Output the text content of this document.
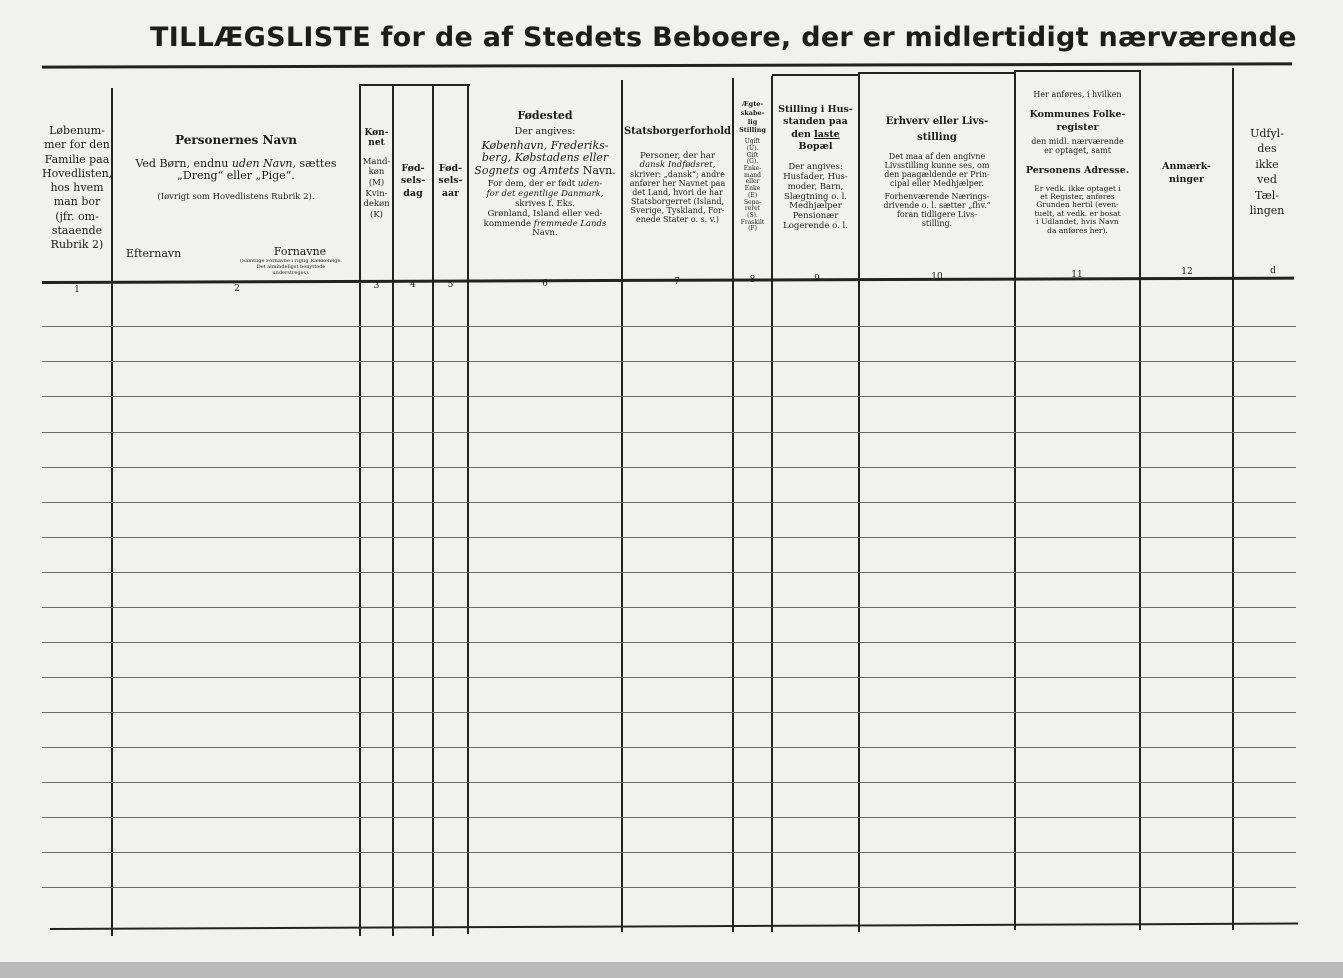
TILLÆGSLISTE for de af Stedets Beboere, der er midlertidigt nærværende
Løbenum-
mer for den
Familie paa
Hovedlisten,
hos hvem
man bor
(jfr. om-
staaende
Rubrik 2)
1
Personernes Navn
Ved Børn, endnu uden Navn, sættes
„Dreng“ eller „Pige“.
(Iøvrigt som Hovedlistens Rubrik 2).
Efternavn	Fornavne
(Samtlige Fornavne i rigtig Rækkefølge. Det almindeligst benyttede understreges).
2
Køn-
net
Mand-
køn
(M)
Kvin-
dekøn
(K)
3
Fød-
sels-
dag
4
Fød-
sels-
aar
5
Fødested
Der angives:
København, Frederiks-
berg, Købstadens eller
Sognets og Amtets Navn.
For dem, der er født uden-
for det egentlige Danmark,
skrives f. Eks.
Grønland, Island eller ved-
kommende fremmede Lands
Navn.
6
Statsborgerforhold
Personer, der har
dansk Indfødsret,
skriver: „dansk“; andre
anfører her Navnet paa
det Land, hvori de har
Statsborgerret (Island,
Sverige, Tyskland, For-
enede Stater o. s. v.)
7
Ægte-
skabe-
lig
Stilling
Ugift
(U).
Gift
(G).
Enke-
mand
eller
Enke
(E)
Sepa-
reret
(S).
Fraskilt
(F)
8
Stilling i Hus-
standen paa
den laste
Bopæl
Der angives:
Husfader, Hus-
moder, Barn,
Slægtning o. l.
Medhjælper
Pensionær
Logerende o. l.
9
Erhverv eller Livs-
stilling
Det maa af den angivne
Livsstilling kunne ses, om
den paagældende er Prin-
cipal eller Medhjælper.
Forhenværende Nærings-
drivende o. l. sætter „fhv.“
foran tidligere Livs-
stilling.
10
Her anføres, i hvilken
Kommunes Folke-
register
den midl. nærværende
er optaget, samt
Personens Adresse.
Er vedk. ikke optaget i
et Register, anføres
Grunden hertil (even-
tuelt, at vedk. er bosat
i Udlandet, hvis Navn
da anføres her).
11
Anmærk-
ninger
12
Udfyl-
des
ikke
ved
Tæl-
lingen
d
